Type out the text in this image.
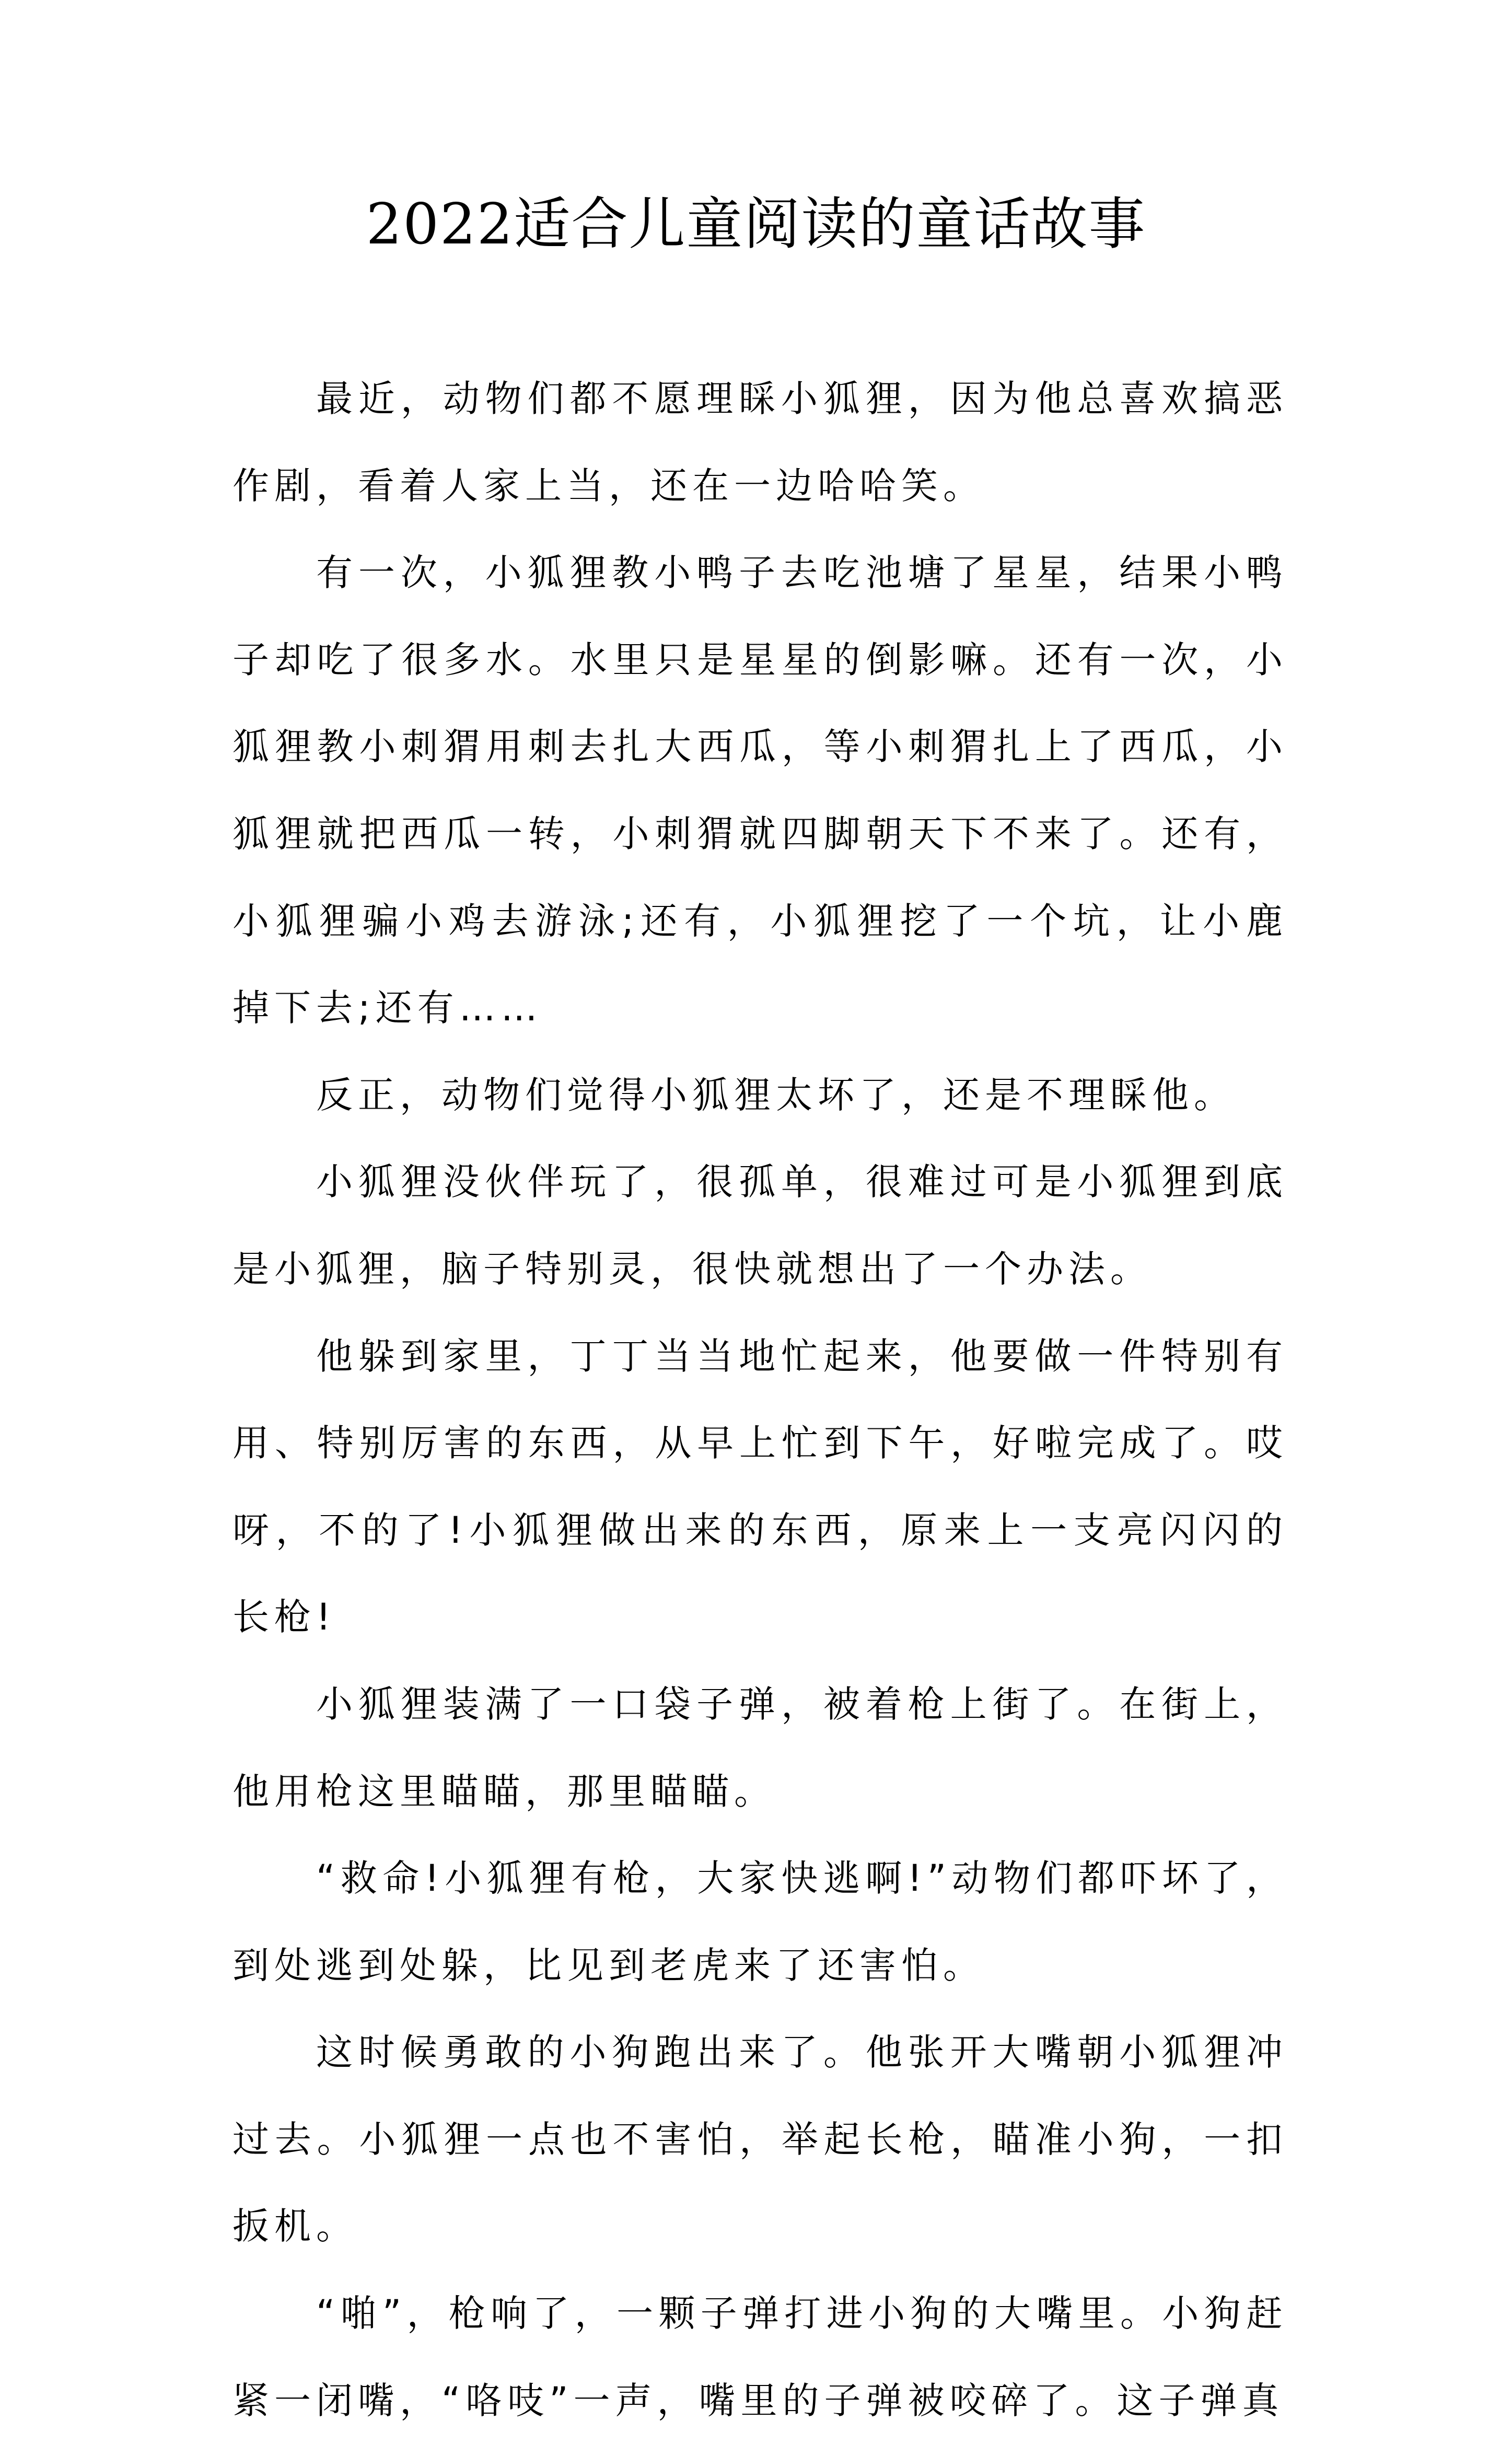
2022适合儿童阅读的童话故事

最近，动物们都不愿理睬小狐狸，因为他总喜欢搞恶作剧，看着人家上当，还在一边哈哈笑。

有一次，小狐狸教小鸭子去吃池塘了星星，结果小鸭子却吃了很多水。水里只是星星的倒影嘛。还有一次，小狐狸教小刺猬用刺去扎大西瓜，等小刺猬扎上了西瓜，小狐狸就把西瓜一转，小刺猬就四脚朝天下不来了。还有，小狐狸骗小鸡去游泳;还有，小狐狸挖了一个坑，让小鹿掉下去;还有……

反正，动物们觉得小狐狸太坏了，还是不理睬他。

小狐狸没伙伴玩了，很孤单，很难过可是小狐狸到底是小狐狸，脑子特别灵，很快就想出了一个办法。

他躲到家里，丁丁当当地忙起来，他要做一件特别有用、特别厉害的东西，从早上忙到下午，好啦完成了。哎呀，不的了!小狐狸做出来的东西，原来上一支亮闪闪的长枪!

小狐狸装满了一口袋子弹，被着枪上街了。在街上，他用枪这里瞄瞄，那里瞄瞄。

“救命!小狐狸有枪，大家快逃啊!”动物们都吓坏了，到处逃到处躲，比见到老虎来了还害怕。

这时候勇敢的小狗跑出来了。他张开大嘴朝小狐狸冲过去。小狐狸一点也不害怕，举起长枪，瞄准小狗，一扣扳机。

“啪”，枪响了，一颗子弹打进小狗的大嘴里。小狗赶紧一闭嘴，“咯吱”一声，嘴里的子弹被咬碎了。这子弹真
